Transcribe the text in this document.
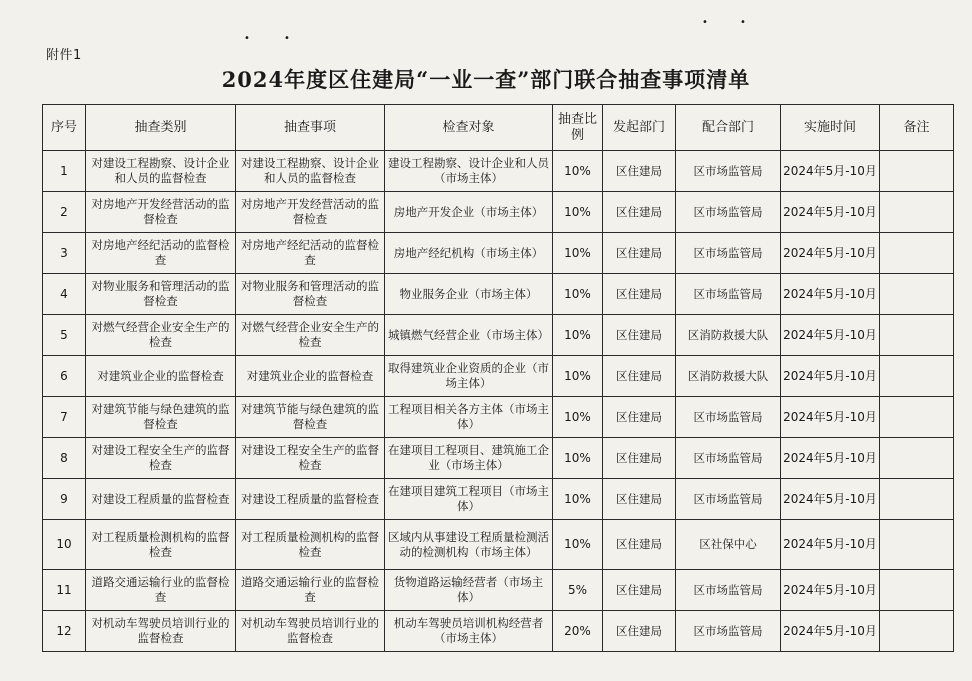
•	•
•	•
附件1
2024年度区住建局“一业一查”部门联合抽查事项清单
序号	抽查类别	抽查事项	检查对象	抽查比例	发起部门	配合部门	实施时间	备注
1	对建设工程勘察、设计企业和人员的监督检查	对建设工程勘察、设计企业和人员的监督检查	建设工程勘察、设计企业和人员（市场主体）	10%	区住建局	区市场监管局	2024年5月-10月	
2	对房地产开发经营活动的监督检查	对房地产开发经营活动的监督检查	房地产开发企业（市场主体）	10%	区住建局	区市场监管局	2024年5月-10月	
3	对房地产经纪活动的监督检查	对房地产经纪活动的监督检查	房地产经纪机构（市场主体）	10%	区住建局	区市场监管局	2024年5月-10月	
4	对物业服务和管理活动的监督检查	对物业服务和管理活动的监督检查	物业服务企业（市场主体）	10%	区住建局	区市场监管局	2024年5月-10月	
5	对燃气经营企业安全生产的检查	对燃气经营企业安全生产的检查	城镇燃气经营企业（市场主体）	10%	区住建局	区消防救援大队	2024年5月-10月	
6	对建筑业企业的监督检查	对建筑业企业的监督检查	取得建筑业企业资质的企业（市场主体）	10%	区住建局	区消防救援大队	2024年5月-10月	
7	对建筑节能与绿色建筑的监督检查	对建筑节能与绿色建筑的监督检查	工程项目相关各方主体（市场主体）	10%	区住建局	区市场监管局	2024年5月-10月	
8	对建设工程安全生产的监督检查	对建设工程安全生产的监督检查	在建项目工程项目、建筑施工企业（市场主体）	10%	区住建局	区市场监管局	2024年5月-10月	
9	对建设工程质量的监督检查	对建设工程质量的监督检查	在建项目建筑工程项目（市场主体）	10%	区住建局	区市场监管局	2024年5月-10月	
10	对工程质量检测机构的监督检查	对工程质量检测机构的监督检查	区域内从事建设工程质量检测活动的检测机构（市场主体）	10%	区住建局	区社保中心	2024年5月-10月	
11	道路交通运输行业的监督检查	道路交通运输行业的监督检查	货物道路运输经营者（市场主体）	5%	区住建局	区市场监管局	2024年5月-10月	
12	对机动车驾驶员培训行业的监督检查	对机动车驾驶员培训行业的监督检查	机动车驾驶员培训机构经营者（市场主体）	20%	区住建局	区市场监管局	2024年5月-10月	
